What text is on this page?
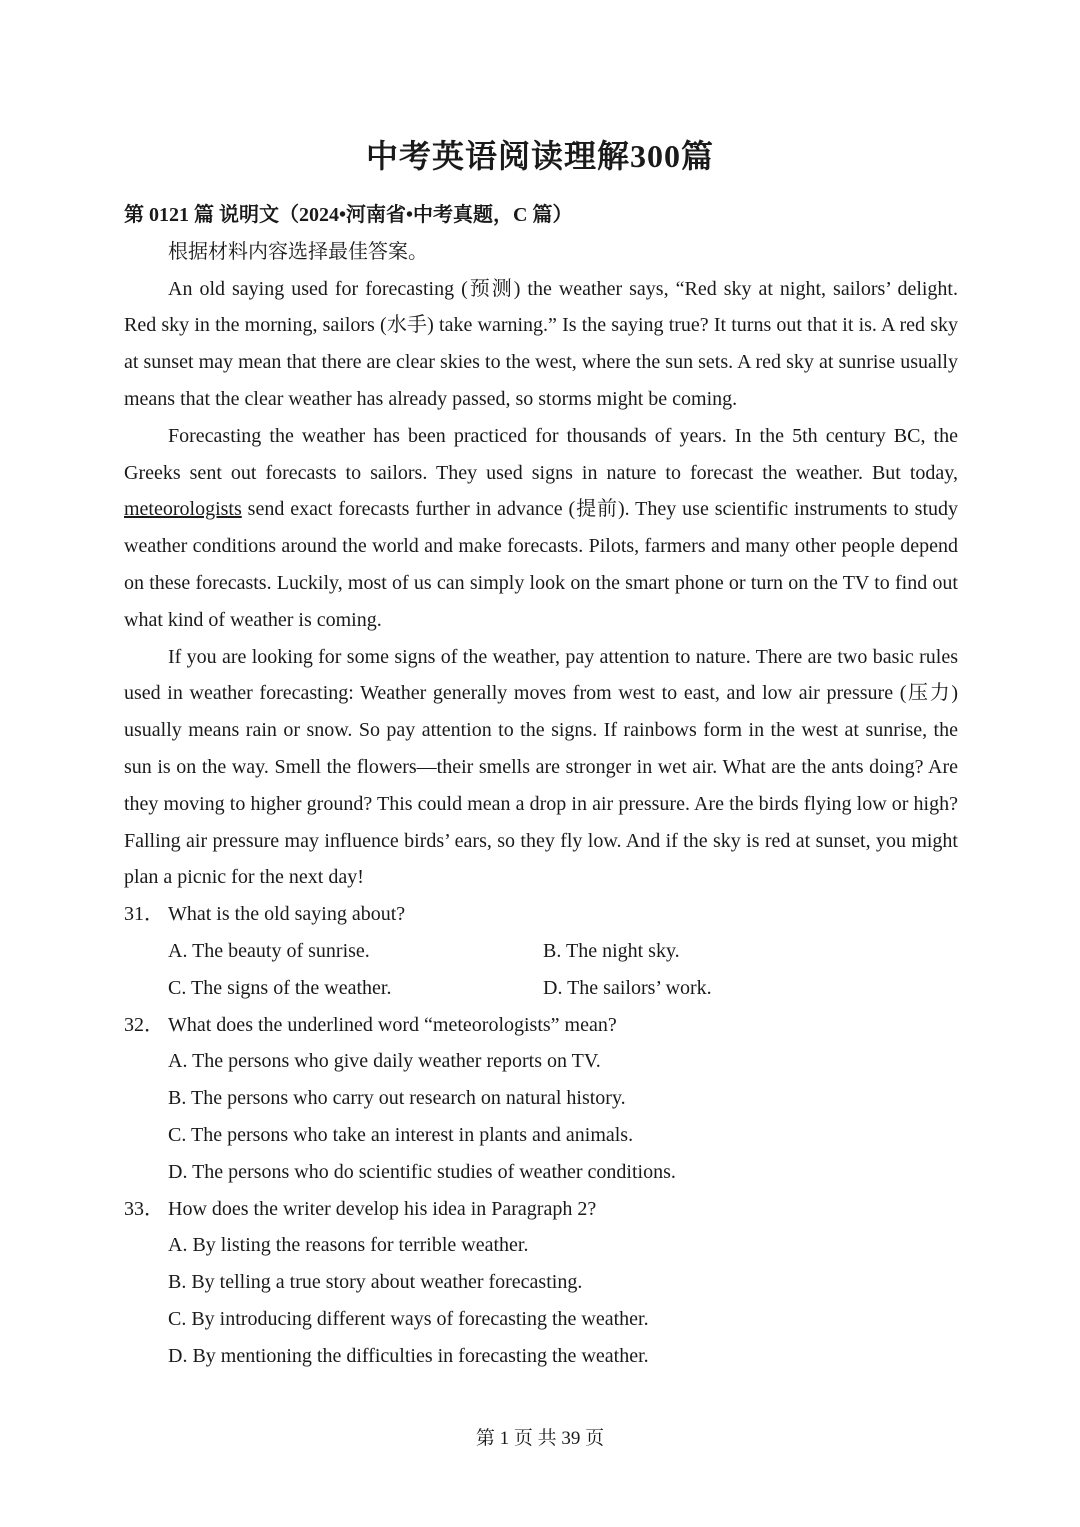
中考英语阅读理解300篇

第 0121 篇 说明文（2024•河南省•中考真题，C 篇）

根据材料内容选择最佳答案。

An old saying used for forecasting (预测) the weather says, “Red sky at night, sailors’ delight. Red sky in the morning, sailors (水手) take warning.” Is the saying true? It turns out that it is. A red sky at sunset may mean that there are clear skies to the west, where the sun sets. A red sky at sunrise usually means that the clear weather has already passed, so storms might be coming.

Forecasting the weather has been practiced for thousands of years. In the 5th century BC, the Greeks sent out forecasts to sailors. They used signs in nature to forecast the weather. But today, meteorologists send exact forecasts further in advance (提前). They use scientific instruments to study weather conditions around the world and make forecasts. Pilots, farmers and many other people depend on these forecasts. Luckily, most of us can simply look on the smart phone or turn on the TV to find out what kind of weather is coming.

If you are looking for some signs of the weather, pay attention to nature. There are two basic rules used in weather forecasting: Weather generally moves from west to east, and low air pressure (压力) usually means rain or snow. So pay attention to the signs. If rainbows form in the west at sunrise, the sun is on the way. Smell the flowers—their smells are stronger in wet air. What are the ants doing? Are they moving to higher ground? This could mean a drop in air pressure. Are the birds flying low or high? Falling air pressure may influence birds’ ears, so they fly low. And if the sky is red at sunset, you might plan a picnic for the next day!

31． What is the old saying about?
A. The beauty of sunrise.	B. The night sky.
C. The signs of the weather.	D. The sailors’ work.
32． What does the underlined word “meteorologists” mean?
A. The persons who give daily weather reports on TV.
B. The persons who carry out research on natural history.
C. The persons who take an interest in plants and animals.
D. The persons who do scientific studies of weather conditions.
33． How does the writer develop his idea in Paragraph 2?
A. By listing the reasons for terrible weather.
B. By telling a true story about weather forecasting.
C. By introducing different ways of forecasting the weather.
D. By mentioning the difficulties in forecasting the weather.
第 1 页 共 39 页
